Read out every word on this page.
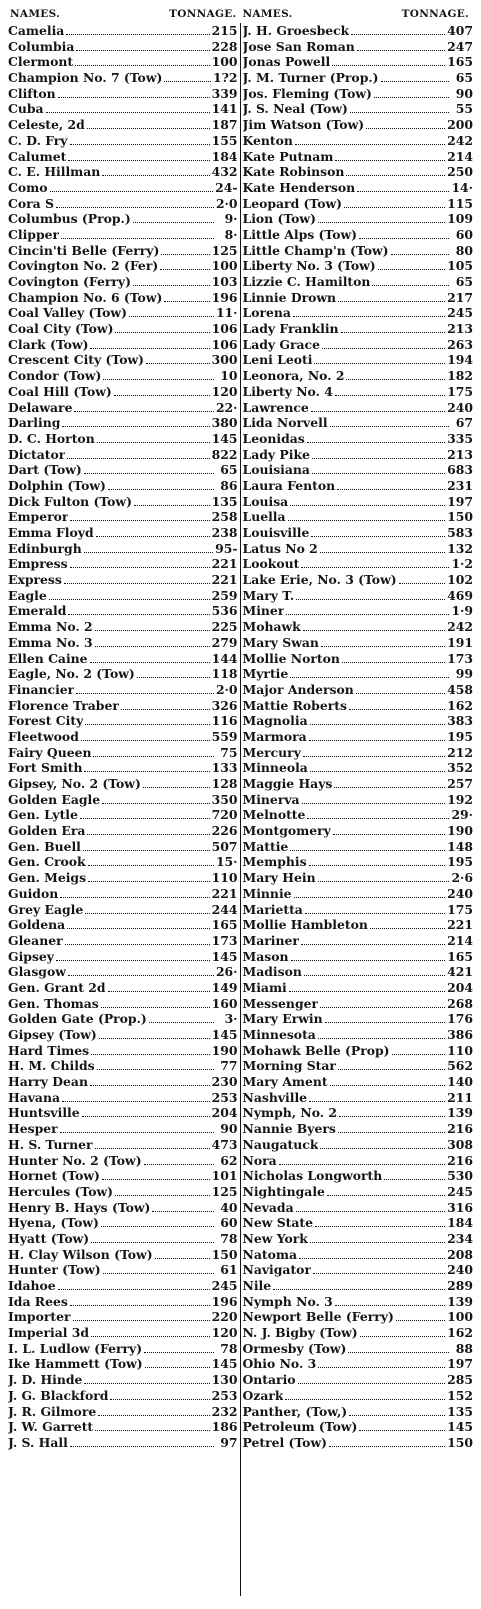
NAMES.	TONNAGE. NAMES.	TONNAGE.
Camelia	215
Columbia	228
Clermont	100
Champion No. 7 (Tow)	1?2
Clifton	339
Cuba	141
Celeste, 2d	187
C. D. Fry	155
Calumet	184
C. E. Hillman	432
Como	24-
Cora S	2·0
Columbus (Prop.)	9·
Clipper	8·
Cincin'ti Belle (Ferry)	125
Covington No. 2 (Fer)	100
Covington (Ferry)	103
Champion No. 6 (Tow)	196
Coal Valley (Tow)	11·
Coal City (Tow)	106
Clark (Tow)	106
Crescent City (Tow)	300
Condor (Tow)	10
Coal Hill (Tow)	120
Delaware	22·
Darling	380
D. C. Horton	145
Dictator	822
Dart (Tow)	65
Dolphin (Tow)	86
Dick Fulton (Tow)	135
Emperor	258
Emma Floyd	238
Edinburgh	95-
Empress	221
Express	221
Eagle	259
Emerald	536
Emma No. 2	225
Emma No. 3	279
Ellen Caine	144
Eagle, No. 2 (Tow)	118
Financier	2·0
Florence Traber	326
Forest City	116
Fleetwood	559
Fairy Queen	75
Fort Smith	133
Gipsey, No. 2 (Tow)	128
Golden Eagle	350
Gen. Lytle	720
Golden Era	226
Gen. Buell	507
Gen. Crook	15·
Gen. Meigs	110
Guidon	221
Grey Eagle	244
Goldena	165
Gleaner	173
Gipsey	145
Glasgow	26·
Gen. Grant 2d	149
Gen. Thomas	160
Golden Gate (Prop.)	3·
Gipsey (Tow)	145
Hard Times	190
H. M. Childs	77
Harry Dean	230
Havana	253
Huntsville	204
Hesper	90
H. S. Turner	473
Hunter No. 2 (Tow)	62
Hornet (Tow)	101
Hercules (Tow)	125
Henry B. Hays (Tow)	40
Hyena, (Tow)	60
Hyatt (Tow)	78
H. Clay Wilson (Tow)	150
Hunter (Tow)	61
Idahoe	245
Ida Rees	196
Importer	220
Imperial 3d	120
I. L. Ludlow (Ferry)	78
Ike Hammett (Tow)	145
J. D. Hinde	130
J. G. Blackford	253
J. R. Gilmore	232
J. W. Garrett	186
J. S. Hall	97
J. H. Groesbeck	407
Jose San Roman	247
Jonas Powell	165
J. M. Turner (Prop.)	65
Jos. Fleming (Tow)	90
J. S. Neal (Tow)	55
Jim Watson (Tow)	200
Kenton	242
Kate Putnam	214
Kate Robinson	250
Kate Henderson	14·
Leopard (Tow)	115
Lion (Tow)	109
Little Alps (Tow)	60
Little Champ'n (Tow)	80
Liberty No. 3 (Tow)	105
Lizzie C. Hamilton	65
Linnie Drown	217
Lorena	245
Lady Franklin	213
Lady Grace	263
Leni Leoti	194
Leonora, No. 2	182
Liberty No. 4	175
Lawrence	240
Lida Norvell	67
Leonidas	335
Lady Pike	213
Louisiana	683
Laura Fenton	231
Louisa	197
Luella	150
Louisville	583
Latus No 2	132
Lookout	1·2
Lake Erie, No. 3 (Tow)	102
Mary T.	469
Miner	1·9
Mohawk	242
Mary Swan	191
Mollie Norton	173
Myrtie	99
Major Anderson	458
Mattie Roberts	162
Magnolia	383
Marmora	195
Mercury	212
Minneola	352
Maggie Hays	257
Minerva	192
Melnotte	29·
Montgomery	190
Mattie	148
Memphis	195
Mary Hein	2·6
Minnie	240
Marietta	175
Mollie Hambleton	221
Mariner	214
Mason	165
Madison	421
Miami	204
Messenger	268
Mary Erwin	176
Minnesota	386
Mohawk Belle (Prop)	110
Morning Star	562
Mary Ament	140
Nashville	211
Nymph, No. 2	139
Nannie Byers	216
Naugatuck	308
Nora	216
Nicholas Longworth	530
Nightingale	245
Nevada	316
New State	184
New York	234
Natoma	208
Navigator	240
Nile	289
Nymph No. 3	139
Newport Belle (Ferry)	100
N. J. Bigby (Tow)	162
Ormesby (Tow)	88
Ohio No. 3	197
Ontario	285
Ozark	152
Panther, (Tow,)	135
Petroleum (Tow)	145
Petrel (Tow)	150
